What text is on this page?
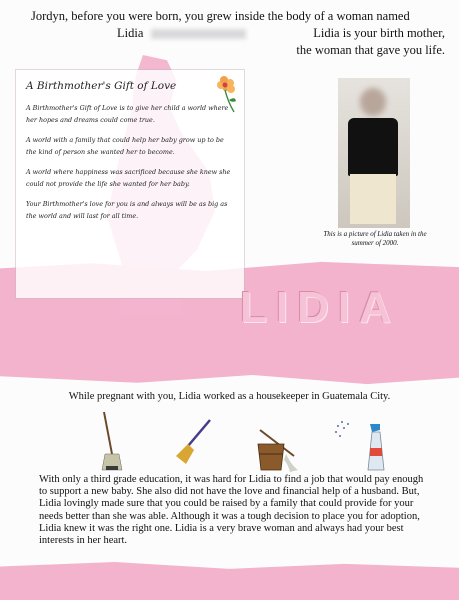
Jordyn, before you were born, you grew inside the body of a woman named
Lidia	Lidia is your birth mother,
the woman that gave you life.
A Birthmother's Gift of Love

A Birthmother's Gift of Love is to give her child a world where her hopes and dreams could come true.

A world with a family that could help her baby grow up to be the kind of person she wanted her to become.

A world where happiness was sacrificed because she knew she could not provide the life she wanted for her baby.

Your Birthmother's love for you is and always will be as big as the world and will last for all time.

This is a picture of Lidia taken in the summer of 2000.
LIDIA
While pregnant with you, Lidia worked as a housekeeper in Guatemala City.
With only a third grade education, it was hard for Lidia to find a job that would pay enough to support a new baby. She also did not have the love and financial help of a husband. But, Lidia lovingly made sure that you could be raised by a family that could provide for your needs better than she was able. Although it was a tough decision to place you for adoption, Lidia knew it was the right one. Lidia is a very brave woman and always had your best interests in her heart.
